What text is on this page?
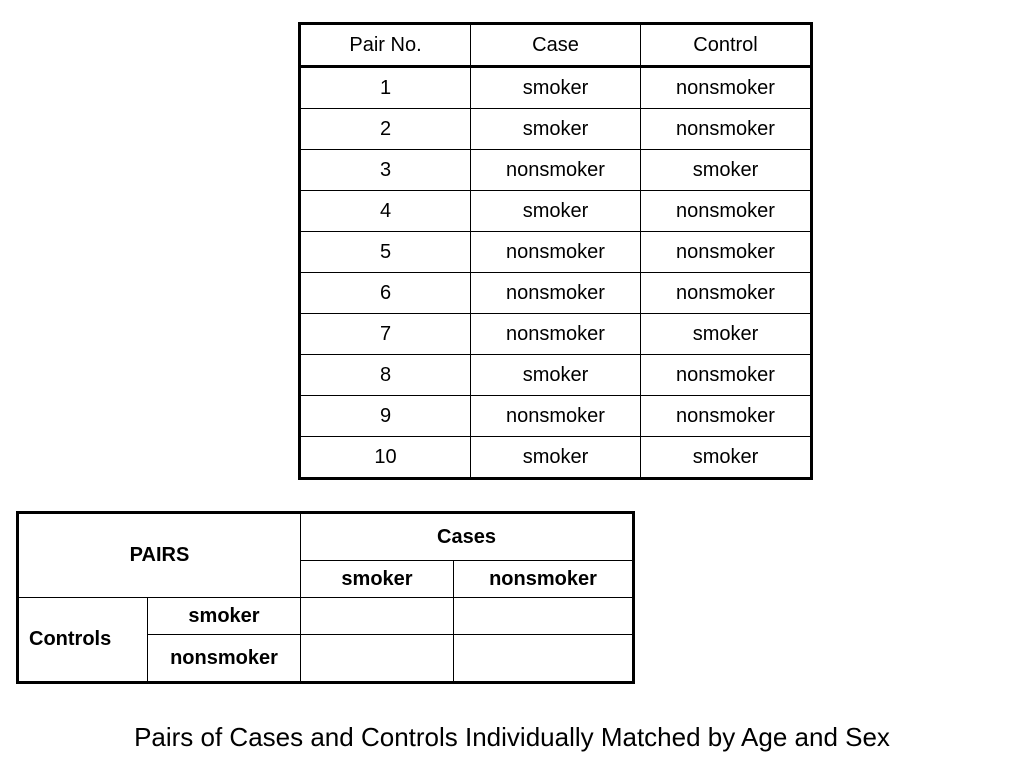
Pair No.	Case	Control
1	smoker	nonsmoker
2	smoker	nonsmoker
3	nonsmoker	smoker
4	smoker	nonsmoker
5	nonsmoker	nonsmoker
6	nonsmoker	nonsmoker
7	nonsmoker	smoker
8	smoker	nonsmoker
9	nonsmoker	nonsmoker
10	smoker	smoker
PAIRS		Cases	
		smoker	nonsmoker
Controls	smoker		
	nonsmoker		
Pairs of Cases and Controls Individually Matched by Age and Sex
